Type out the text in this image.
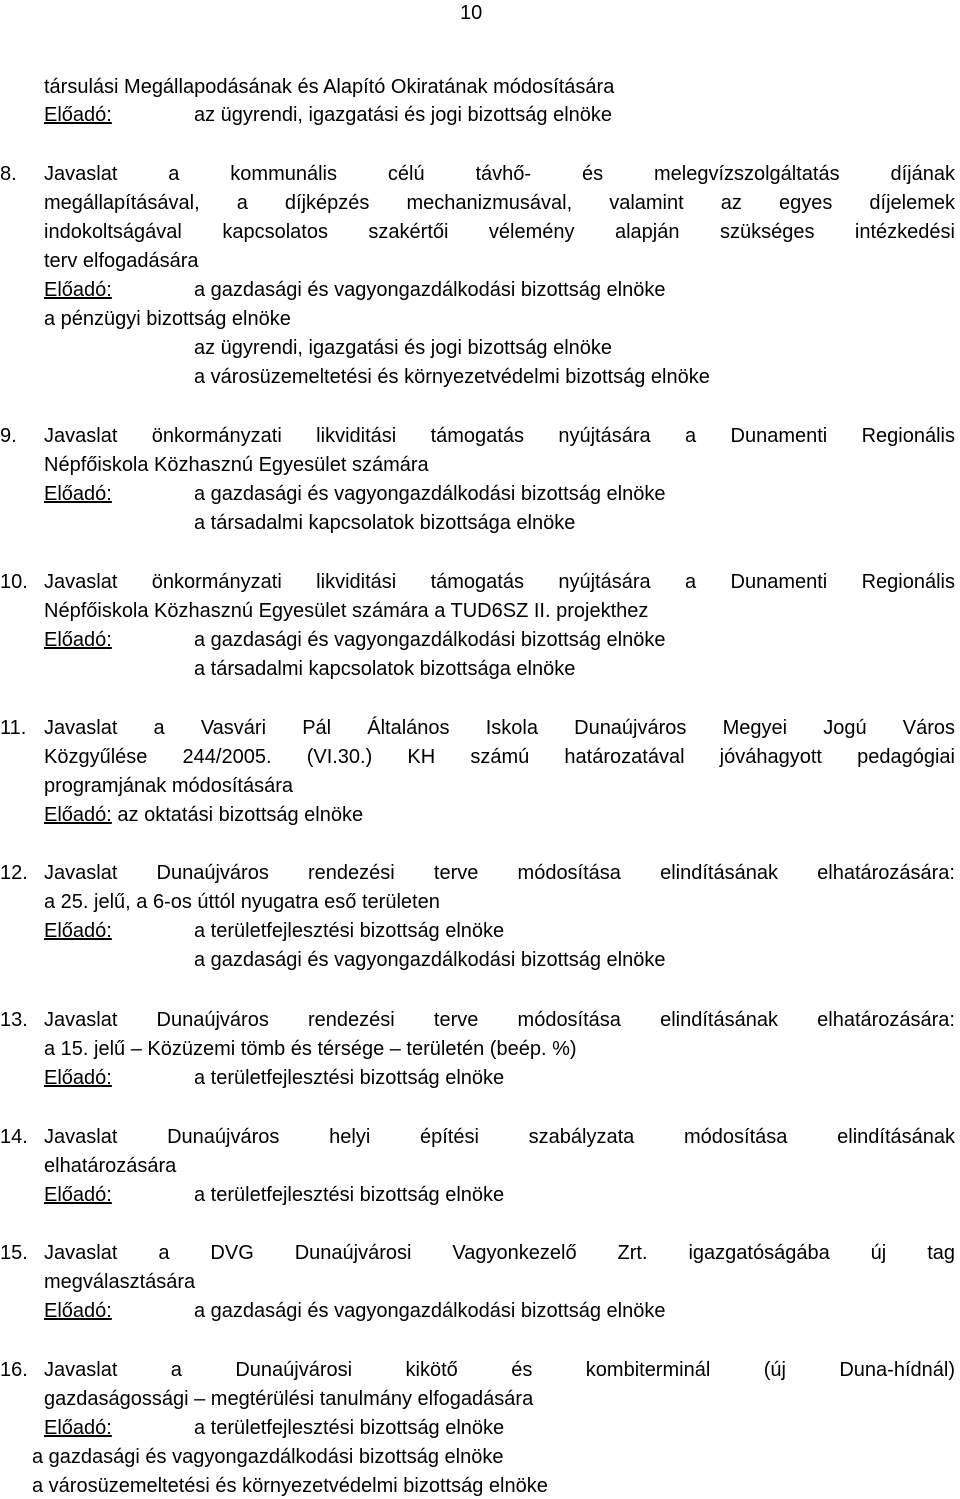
10
társulási Megállapodásának és Alapító Okiratának módosítására
Előadó:	az ügyrendi, igazgatási és jogi bizottság elnöke
8. Javaslat a kommunális célú távhő- és melegvízszolgáltatás díjának
megállapításával, a díjképzés mechanizmusával, valamint az egyes díjelemek
indokoltságával kapcsolatos szakértői vélemény alapján szükséges intézkedési
terv elfogadására
Előadó:	a gazdasági és vagyongazdálkodási bizottság elnöke
a pénzügyi bizottság elnöke
az ügyrendi, igazgatási és jogi bizottság elnöke
a városüzemeltetési és környezetvédelmi bizottság elnöke
9. Javaslat önkormányzati likviditási támogatás nyújtására a Dunamenti Regionális
Népfőiskola Közhasznú Egyesület számára
Előadó:	a gazdasági és vagyongazdálkodási bizottság elnöke
a társadalmi kapcsolatok bizottsága elnöke
10. Javaslat önkormányzati likviditási támogatás nyújtására a Dunamenti Regionális
Népfőiskola Közhasznú Egyesület számára a TUD6SZ II. projekthez
Előadó:	a gazdasági és vagyongazdálkodási bizottság elnöke
a társadalmi kapcsolatok bizottsága elnöke
11. Javaslat a Vasvári Pál Általános Iskola Dunaújváros Megyei Jogú Város
Közgyűlése 244/2005. (VI.30.) KH számú határozatával jóváhagyott pedagógiai
programjának módosítására
Előadó: az oktatási bizottság elnöke
12. Javaslat Dunaújváros rendezési terve módosítása elindításának elhatározására:
a 25. jelű, a 6-os úttól nyugatra eső területen
Előadó:	a területfejlesztési bizottság elnöke
a gazdasági és vagyongazdálkodási bizottság elnöke
13. Javaslat Dunaújváros rendezési terve módosítása elindításának elhatározására:
a 15. jelű – Közüzemi tömb és térsége – területén (beép. %)
Előadó:	a területfejlesztési bizottság elnöke
14. Javaslat Dunaújváros helyi építési szabályzata módosítása elindításának
elhatározására
Előadó:	a területfejlesztési bizottság elnöke
15. Javaslat a DVG Dunaújvárosi Vagyonkezelő Zrt. igazgatóságába új tag
megválasztására
Előadó:	a gazdasági és vagyongazdálkodási bizottság elnöke
16. Javaslat a Dunaújvárosi kikötő és kombiterminál (új Duna-hídnál)
gazdaságossági – megtérülési tanulmány elfogadására
Előadó:	a területfejlesztési bizottság elnöke
a gazdasági és vagyongazdálkodási bizottság elnöke
a városüzemeltetési és környezetvédelmi bizottság elnöke
